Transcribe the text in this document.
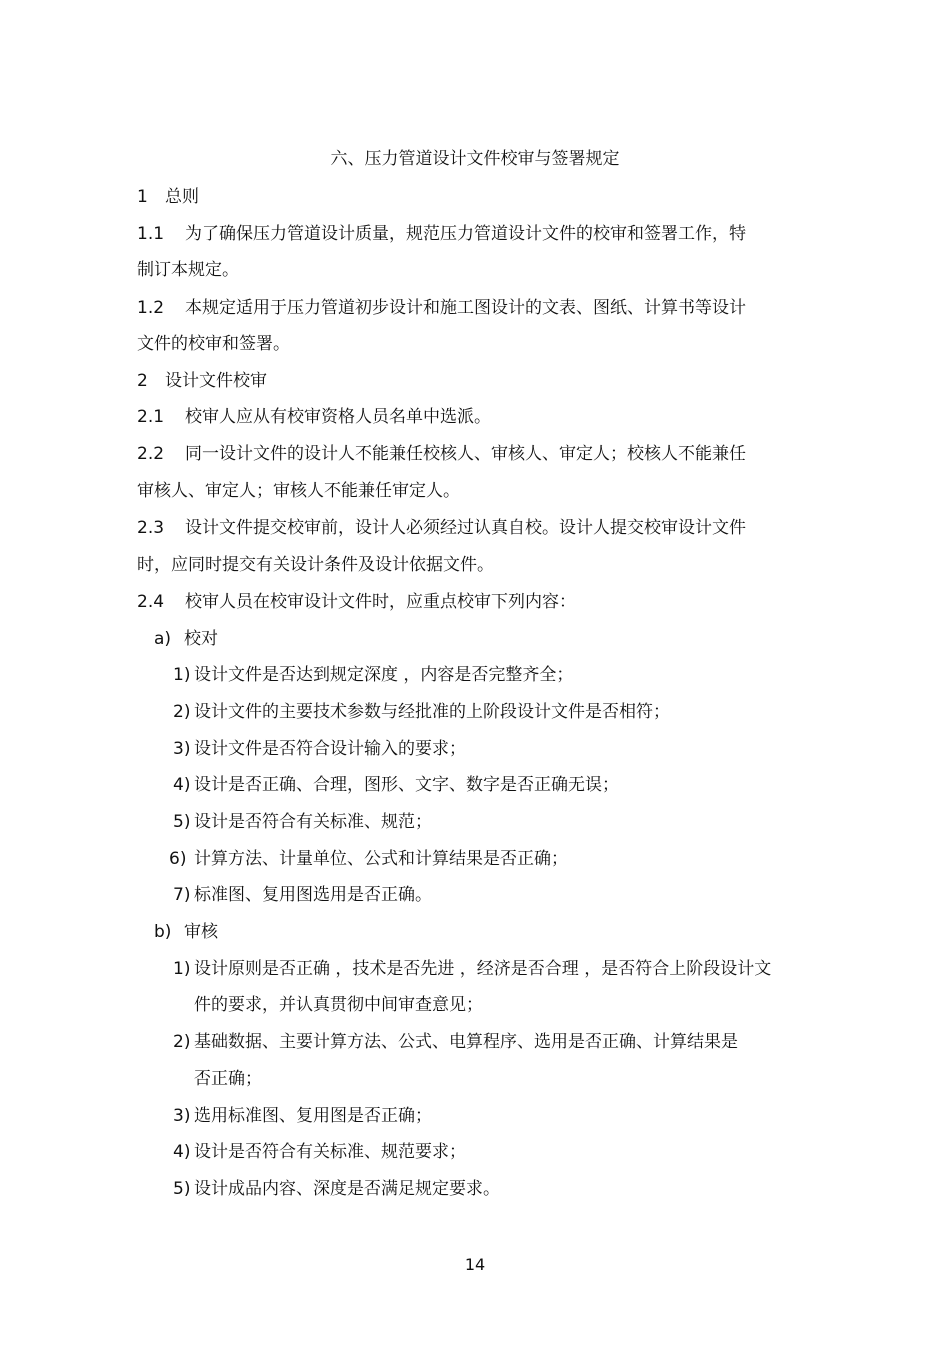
六、压力管道设计文件校审与签署规定
1 总则
1.1 为了确保压力管道设计质量，规范压力管道设计文件的校审和签署工作，特
制订本规定。
1.2 本规定适用于压力管道初步设计和施工图设计的文表、图纸、计算书等设计
文件的校审和签署。
2 设计文件校审
2.1 校审人应从有校审资格人员名单中选派。
2.2 同一设计文件的设计人不能兼任校核人、审核人、审定人；校核人不能兼任
审核人、审定人；审核人不能兼任审定人。
2.3 设计文件提交校审前，设计人必须经过认真自校。设计人提交校审设计文件
时，应同时提交有关设计条件及设计依据文件。
2.4 校审人员在校审设计文件时，应重点校审下列内容：
a) 校对
1) 设计文件是否达到规定深度 ，内容是否完整齐全；
2) 设计文件的主要技术参数与经批准的上阶段设计文件是否相符；
3) 设计文件是否符合设计输入的要求；
4) 设计是否正确、合理，图形、文字、数字是否正确无误；
5) 设计是否符合有关标准、规范；
6) 计算方法、计量单位、公式和计算结果是否正确；
7) 标准图、复用图选用是否正确。
b) 审核
1) 设计原则是否正确 ，技术是否先进 ，经济是否合理 ，是否符合上阶段设计文
件的要求，并认真贯彻中间审查意见；
2) 基础数据、主要计算方法、公式、电算程序、选用是否正确、计算结果是
否正确；
3) 选用标准图、复用图是否正确；
4) 设计是否符合有关标准、规范要求；
5) 设计成品内容、深度是否满足规定要求。
14
